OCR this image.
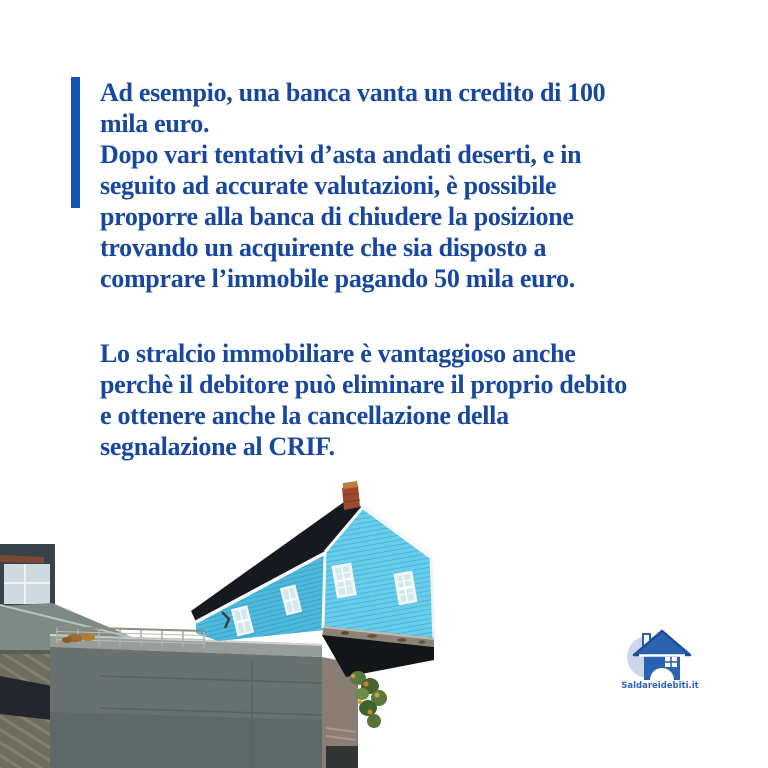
Ad esempio, una banca vanta un credito di 100
mila euro.
Dopo vari tentativi d’asta andati deserti, e in
seguito ad accurate valutazioni, è possibile
proporre alla banca di chiudere la posizione
trovando un acquirente che sia disposto a
comprare l’immobile pagando 50 mila euro.
Lo stralcio immobiliare è vantaggioso anche
perchè il debitore può eliminare il proprio debito
e ottenere anche la cancellazione della
segnalazione al CRIF.
Saldareidebiti.it
